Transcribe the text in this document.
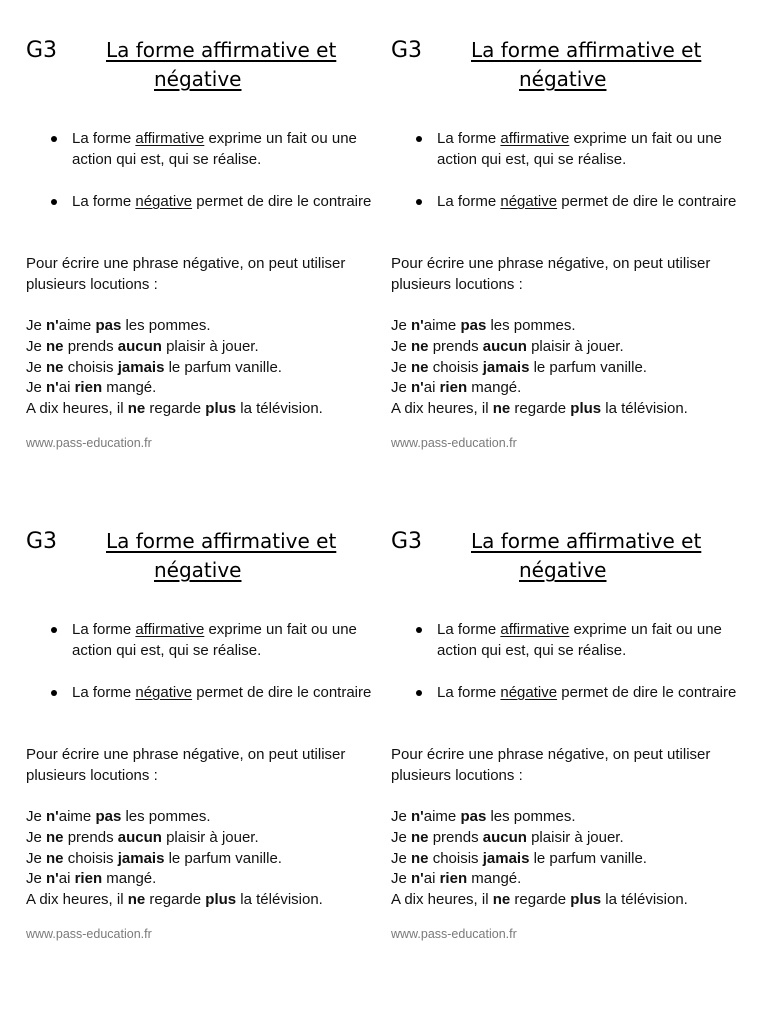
G3 La forme affirmative et
négative
La forme affirmative exprime un fait ou une action qui est, qui se réalise.
La forme négative permet de dire le contraire
Pour écrire une phrase négative, on peut utiliser plusieurs locutions :
Je n'aime pas les pommes.
Je ne prends aucun plaisir à jouer.
Je ne choisis jamais le parfum vanille.
Je n'ai rien mangé.
A dix heures, il ne regarde plus la télévision.
www.pass-education.fr
G3 La forme affirmative et
négative
La forme affirmative exprime un fait ou une action qui est, qui se réalise.
La forme négative permet de dire le contraire
Pour écrire une phrase négative, on peut utiliser plusieurs locutions :
Je n'aime pas les pommes.
Je ne prends aucun plaisir à jouer.
Je ne choisis jamais le parfum vanille.
Je n'ai rien mangé.
A dix heures, il ne regarde plus la télévision.
www.pass-education.fr
G3 La forme affirmative et
négative
La forme affirmative exprime un fait ou une action qui est, qui se réalise.
La forme négative permet de dire le contraire
Pour écrire une phrase négative, on peut utiliser plusieurs locutions :
Je n'aime pas les pommes.
Je ne prends aucun plaisir à jouer.
Je ne choisis jamais le parfum vanille.
Je n'ai rien mangé.
A dix heures, il ne regarde plus la télévision.
www.pass-education.fr
G3 La forme affirmative et
négative
La forme affirmative exprime un fait ou une action qui est, qui se réalise.
La forme négative permet de dire le contraire
Pour écrire une phrase négative, on peut utiliser plusieurs locutions :
Je n'aime pas les pommes.
Je ne prends aucun plaisir à jouer.
Je ne choisis jamais le parfum vanille.
Je n'ai rien mangé.
A dix heures, il ne regarde plus la télévision.
www.pass-education.fr
